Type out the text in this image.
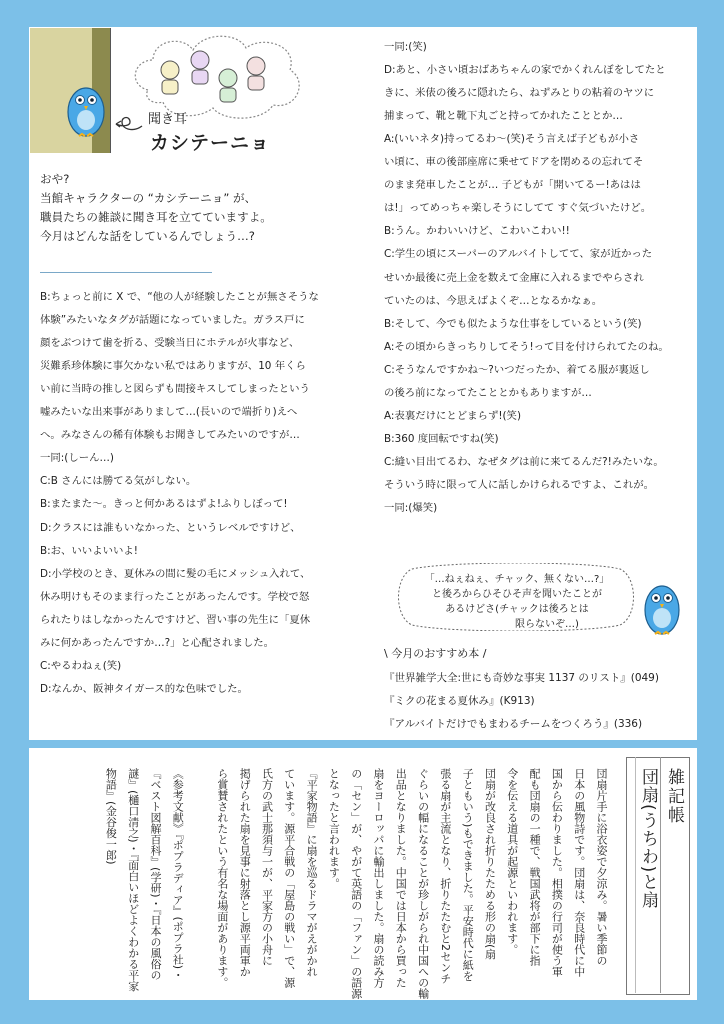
聞き耳
カシテーニョ
おや?
当館キャラクターの “カシテーニョ” が、
職員たちの雑談に聞き耳を立てていますよ。
今月はどんな話をしているんでしょう…?
B:ちょっと前に X で、“他の人が経験したことが無さそうな
体験”みたいなタグが話題になっていました。ガラス戸に
顔をぶつけて歯を折る、受験当日にホテルが火事など、
災難系珍体験に事欠かない私ではありますが、10 年くら
い前に当時の推しと図らずも間接キスしてしまったという
嘘みたいな出来事がありまして…(長いので端折り)えへ
へ。みなさんの稀有体験もお聞きしてみたいのですが…
一同:(しーん…)
C:B さんには勝てる気がしない。
B:またまた〜。きっと何かあるはずよ!ふりしぼって!
D:クラスには誰もいなかった、というレベルですけど、
B:お、いいよいいよ!
D:小学校のとき、夏休みの間に髪の毛にメッシュ入れて、
休み明けもそのまま行ったことがあったんです。学校で怒
られたりはしなかったんですけど、習い事の先生に「夏休
みに何かあったんですか…?」と心配されました。
C:やるわねぇ(笑)
D:なんか、阪神タイガース的な色味でした。
一同:(笑)
D:あと、小さい頃おばあちゃんの家でかくれんぼをしてたと
きに、米俵の後ろに隠れたら、ねずみとりの粘着のヤツに
捕まって、靴と靴下丸ごと持ってかれたこととか…
A:(いいネタ)持ってるわ〜(笑)そう言えば子どもが小さ
い頃に、車の後部座席に乗せてドアを閉めるの忘れてそ
のまま発車したことが… 子どもが「開いてるー!あはは
は!」ってめっちゃ楽しそうにしてて すぐ気づいたけど。
B:うん。かわいいけど、こわいこわい!!
C:学生の頃にスーパーのアルバイトしてて、家が近かった
せいか最後に売上金を数えて金庫に入れるまでやらされ
ていたのは、今思えばよくぞ…となるかなぁ。
B:そして、今でも似たような仕事をしているという(笑)
A:その頃からきっちりしてそう!って目を付けられてたのね。
C:そうなんですかね〜?いつだったか、着てる服が裏返し
の後ろ前になってたこととかもありますが…
A:表裏だけにとどまらず!(笑)
B:360 度回転ですね(笑)
C:縫い目出てるわ、なぜタグは前に来てるんだ?!みたいな。
そういう時に限って人に話しかけられるですよ、これが。
一同:(爆笑)
「…ねぇねぇ、チャック、無くない…?」
と後ろからひそひそ声を聞いたことが
あるけどさ(チャックは後ろとは
限らないぞ…)
\ 今月のおすすめ本 /
『世界雑学大全:世にも奇妙な事実 1137 のリスト』(049)
『ミクの花まる夏休み』(K913)
『アルバイトだけでもまわるチームをつくろう』(336)
雑記帳
団扇(うちわ)と扇
団扇片手に浴衣姿で夕涼み。暑い季節の
日本の風物詩です。団扇は、奈良時代に中
国から伝わりました。相撲の行司が使う軍
配も団扇の一種で、戦国武将が部下に指
令を伝える道具が起源といわれます。
団扇が改良され折りたためる形の扇(扇
子ともいう)もできました。平安時代に紙を
張る扇が主流となり、折りたたむと2センチ
ぐらいの幅になることが珍しがられ中国への輸
出品となりました。中国では日本から買った
扇をヨーロッパに輸出しました。扇の読み方
の「セン」が、やがて英語の「ファン」の語源
となったと言われます。
『平家物語』に扇を巡るドラマがえがかれ
ています。源平合戦の「屋島の戦い」で、源
氏方の武士那須与一が、平家方の小舟に
掲げられた扇を見事に射落とし源平両軍か
ら賞賛されたという有名な場面があります。
《参考文献》『ポプラディア』(ポプラ社)・
『ベスト図解百科』(学研)・『日本の風俗の
謎』(樋口清之)・『面白いほどよくわかる平家
物語』(金谷俊一郎)
